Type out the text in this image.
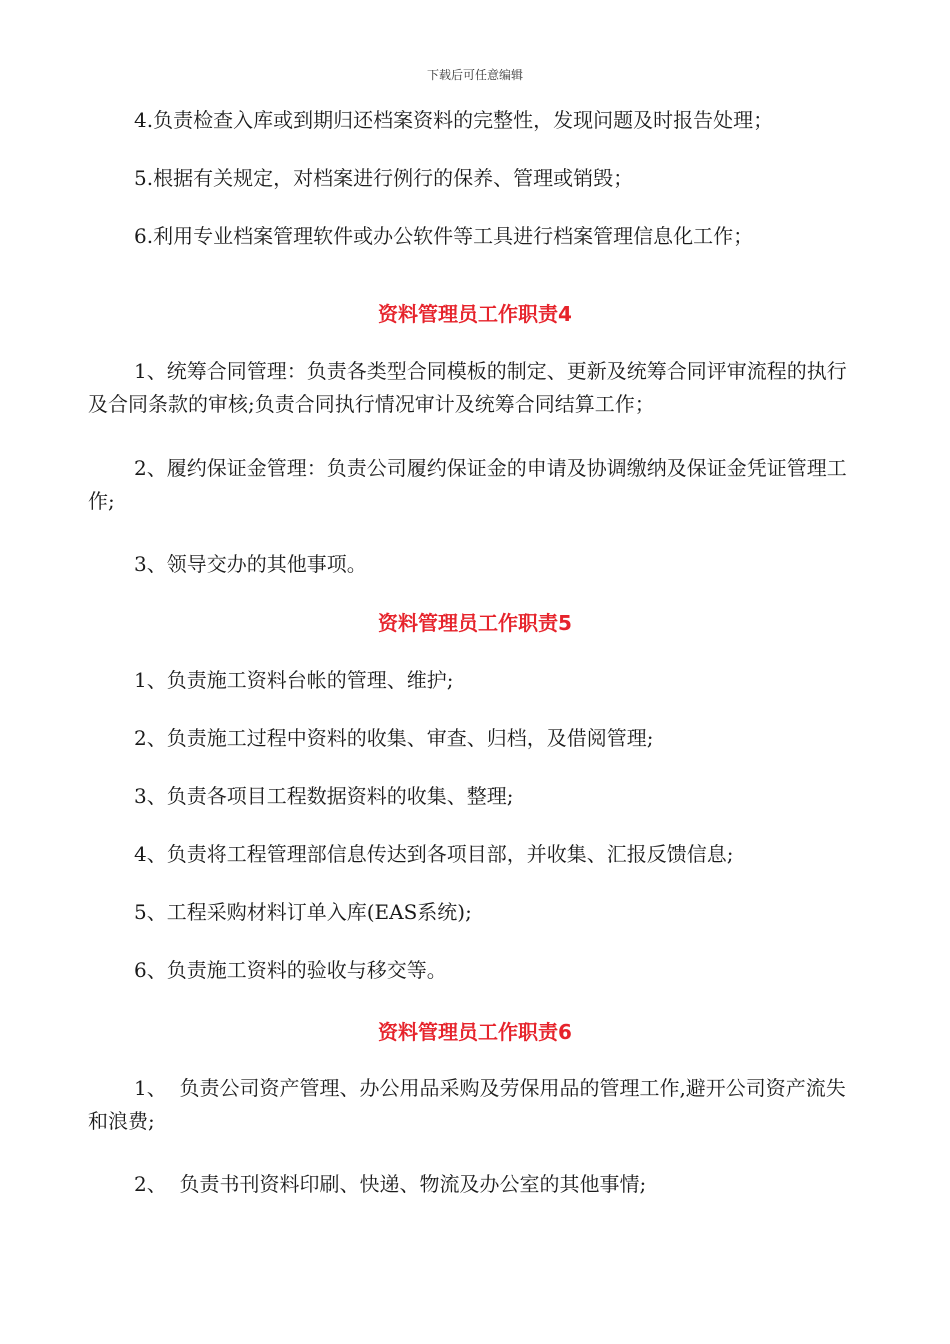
下载后可任意编辑

4.负责检查入库或到期归还档案资料的完整性，发现问题及时报告处理；

5.根据有关规定，对档案进行例行的保养、管理或销毁；

6.利用专业档案管理软件或办公软件等工具进行档案管理信息化工作；

资料管理员工作职责4

1、统筹合同管理：负责各类型合同模板的制定、更新及统筹合同评审流程的执行及合同条款的审核;负责合同执行情况审计及统筹合同结算工作；

2、履约保证金管理：负责公司履约保证金的申请及协调缴纳及保证金凭证管理工作;

3、领导交办的其他事项。

资料管理员工作职责5

1、负责施工资料台帐的管理、维护;

2、负责施工过程中资料的收集、审查、归档，及借阅管理;

3、负责各项目工程数据资料的收集、整理;

4、负责将工程管理部信息传达到各项目部，并收集、汇报反馈信息;

5、工程采购材料订单入库(EAS系统);

6、负责施工资料的验收与移交等。

资料管理员工作职责6

1、  负责公司资产管理、办公用品采购及劳保用品的管理工作,避开公司资产流失和浪费;

2、  负责书刊资料印刷、快递、物流及办公室的其他事情;
